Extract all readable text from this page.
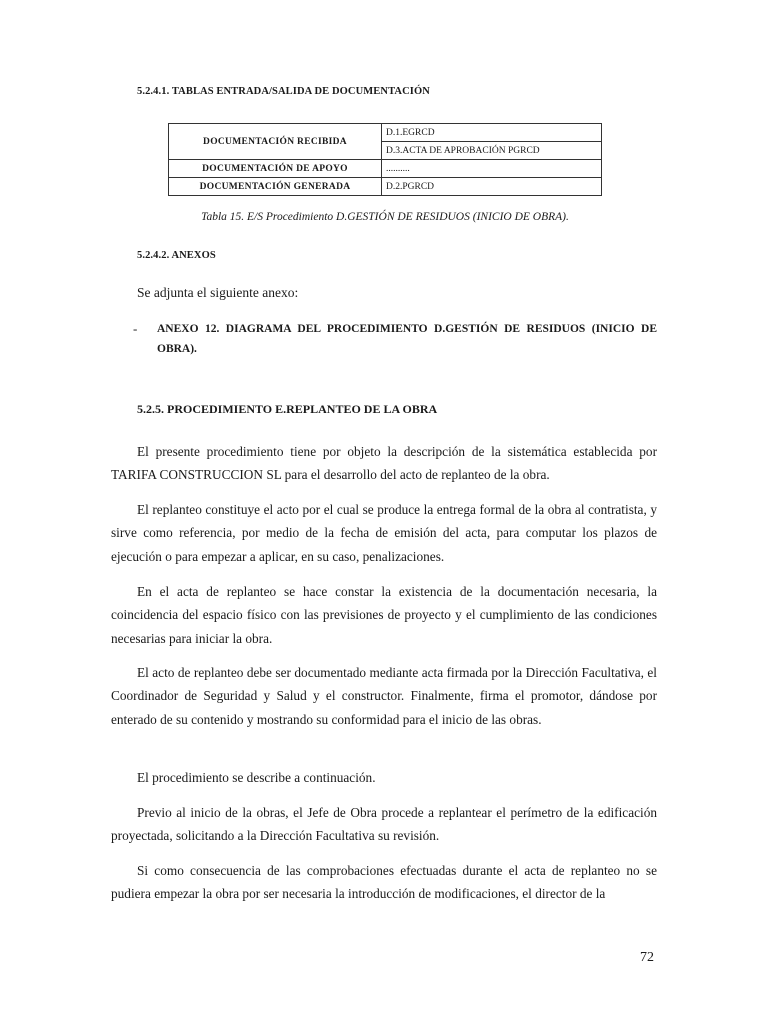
5.2.4.1. TABLAS ENTRADA/SALIDA DE DOCUMENTACIÓN
DOCUMENTACIÓN RECIBIDA	D.1.EGRCD
	D.3.ACTA DE APROBACIÓN PGRCD
DOCUMENTACIÓN DE APOYO	..........
DOCUMENTACIÓN GENERADA	D.2.PGRCD
Tabla 15. E/S Procedimiento D.GESTIÓN DE RESIDUOS (INICIO DE OBRA).
5.2.4.2. ANEXOS
Se adjunta el siguiente anexo:
- ANEXO 12. DIAGRAMA DEL PROCEDIMIENTO D.GESTIÓN DE RESIDUOS (INICIO DE OBRA).
5.2.5. PROCEDIMIENTO E.REPLANTEO DE LA OBRA

El presente procedimiento tiene por objeto la descripción de la sistemática establecida por TARIFA CONSTRUCCION SL para el desarrollo del acto de replanteo de la obra.

El replanteo constituye el acto por el cual se produce la entrega formal de la obra al contratista, y sirve como referencia, por medio de la fecha de emisión del acta, para computar los plazos de ejecución o para empezar a aplicar, en su caso, penalizaciones.

En el acta de replanteo se hace constar la existencia de la documentación necesaria, la coincidencia del espacio físico con las previsiones de proyecto y el cumplimiento de las condiciones necesarias para iniciar la obra.

El acto de replanteo debe ser documentado mediante acta firmada por la Dirección Facultativa, el Coordinador de Seguridad y Salud y el constructor. Finalmente, firma el promotor, dándose por enterado de su contenido y mostrando su conformidad para el inicio de las obras.

El procedimiento se describe a continuación.

Previo al inicio de la obras, el Jefe de Obra procede a replantear el perímetro de la edificación proyectada, solicitando a la Dirección Facultativa su revisión.

Si como consecuencia de las comprobaciones efectuadas durante el acta de replanteo no se pudiera empezar la obra por ser necesaria la introducción de modificaciones, el director de la

72
